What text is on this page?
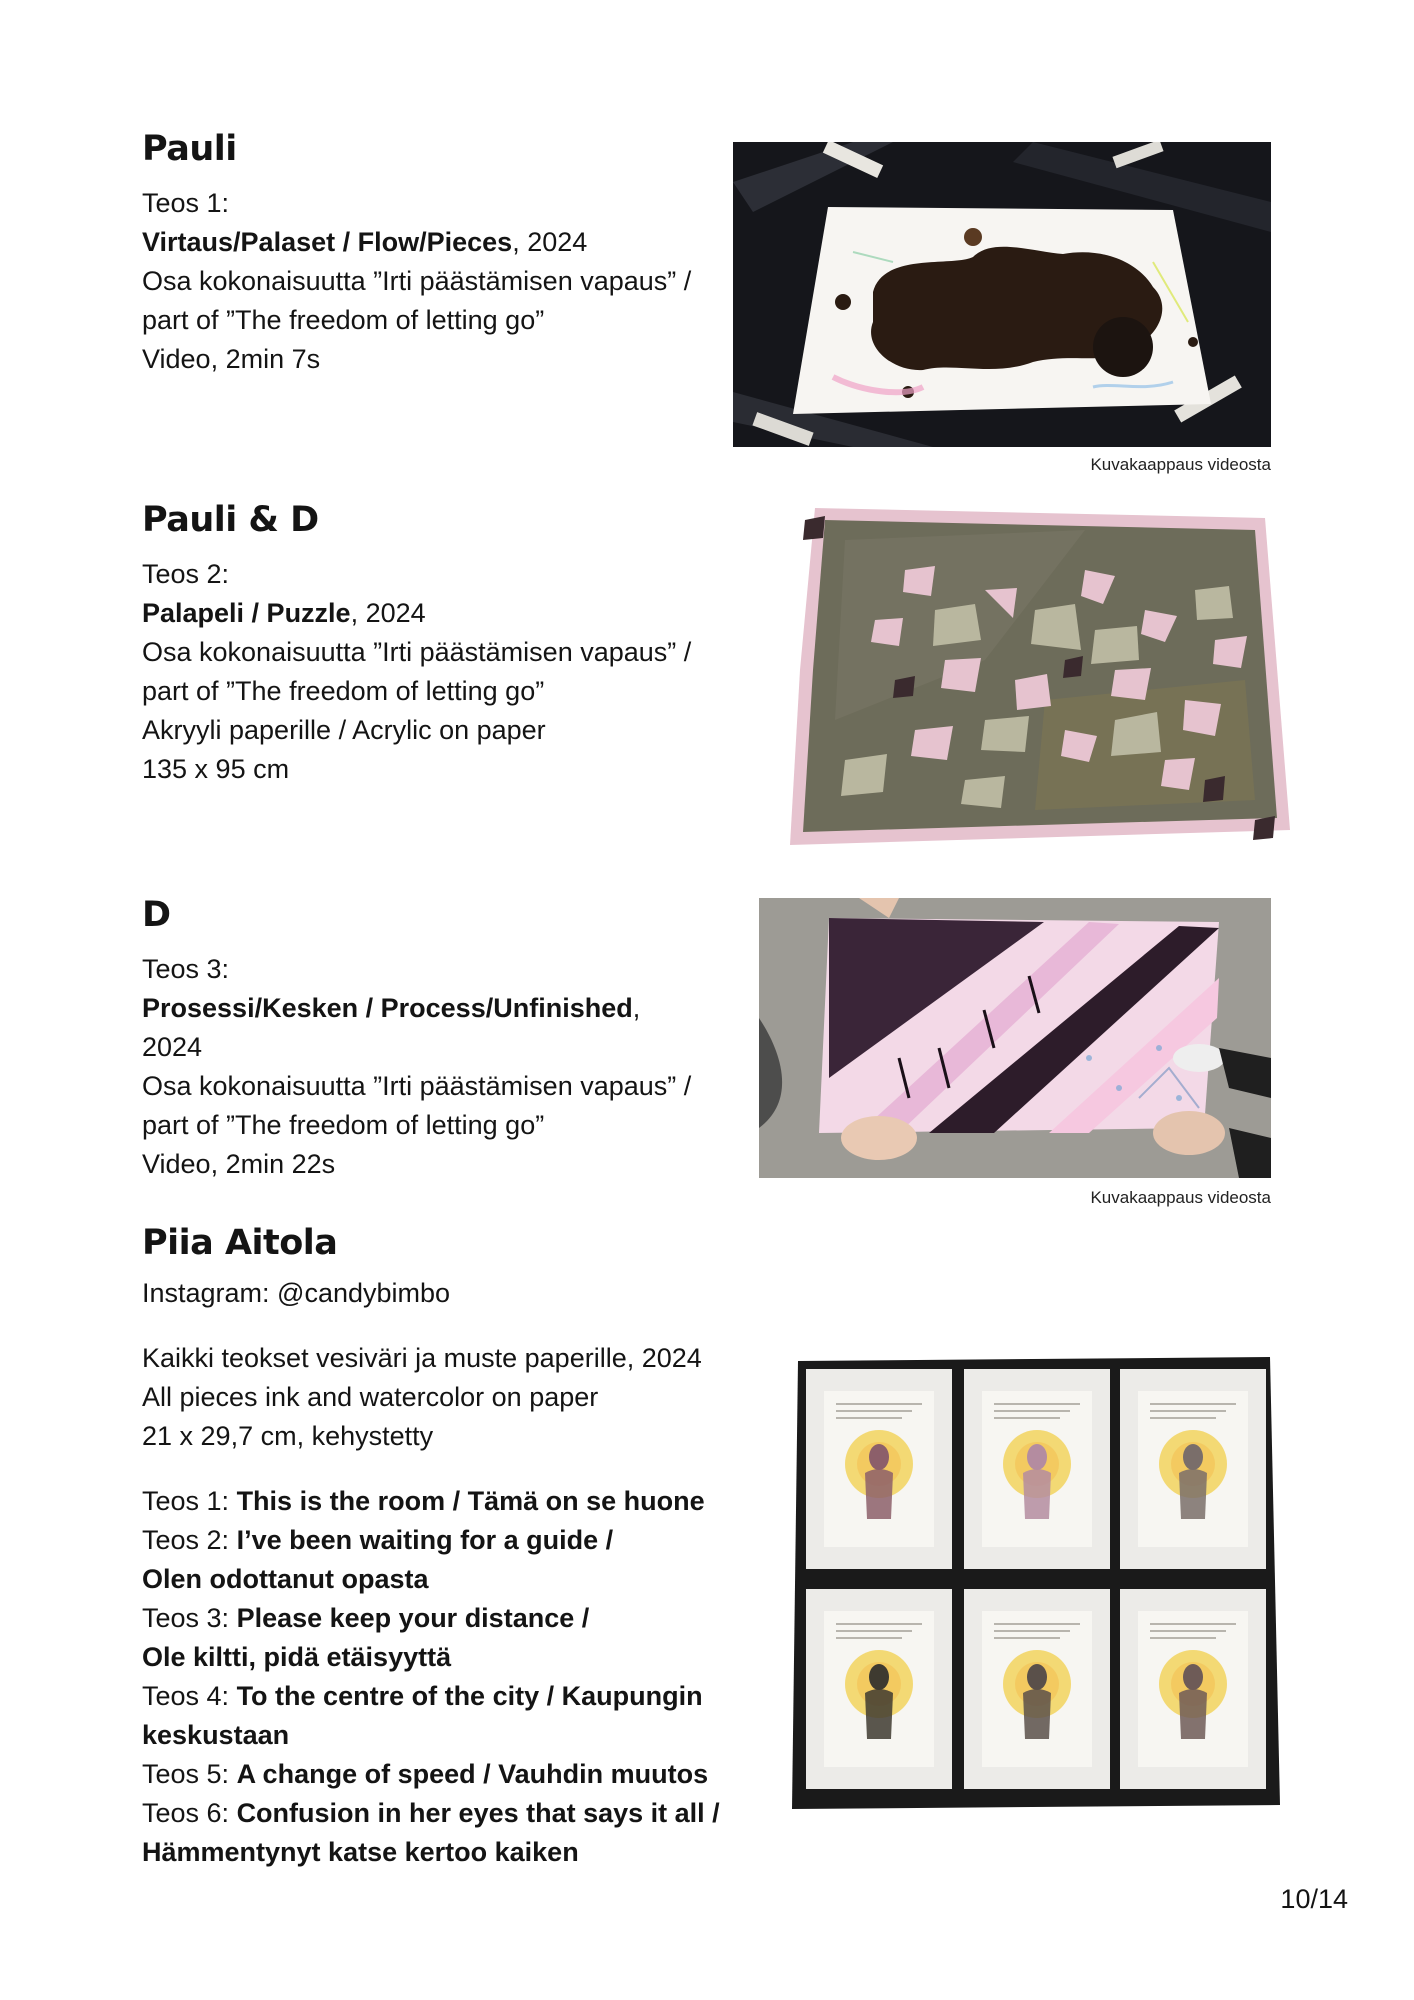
Pauli
Teos 1:
Virtaus/Palaset / Flow/Pieces, 2024
Osa kokonaisuutta ”Irti päästämisen vapaus” /
part of ”The freedom of letting go”
Video, 2min 7s
Kuvakaappaus videosta
Pauli & D
Teos 2:
Palapeli / Puzzle, 2024
Osa kokonaisuutta ”Irti päästämisen vapaus” /
part of ”The freedom of letting go”
Akryyli paperille / Acrylic on paper
135 x 95 cm
D
Teos 3:
Prosessi/Kesken / Process/Unfinished,
2024
Osa kokonaisuutta ”Irti päästämisen vapaus” /
part of ”The freedom of letting go”
Video, 2min 22s
Kuvakaappaus videosta
Piia Aitola
Instagram: @candybimbo
Kaikki teokset vesiväri ja muste paperille, 2024
All pieces ink and watercolor on paper
21 x 29,7 cm, kehystetty
Teos 1: This is the room / Tämä on se huone
Teos 2: I’ve been waiting for a guide /
Olen odottanut opasta
Teos 3: Please keep your distance /
Ole kiltti, pidä etäisyyttä
Teos 4: To the centre of the city / Kaupungin
keskustaan
Teos 5: A change of speed / Vauhdin muutos
Teos 6: Confusion in her eyes that says it all /
Hämmentynyt katse kertoo kaiken
10/14
